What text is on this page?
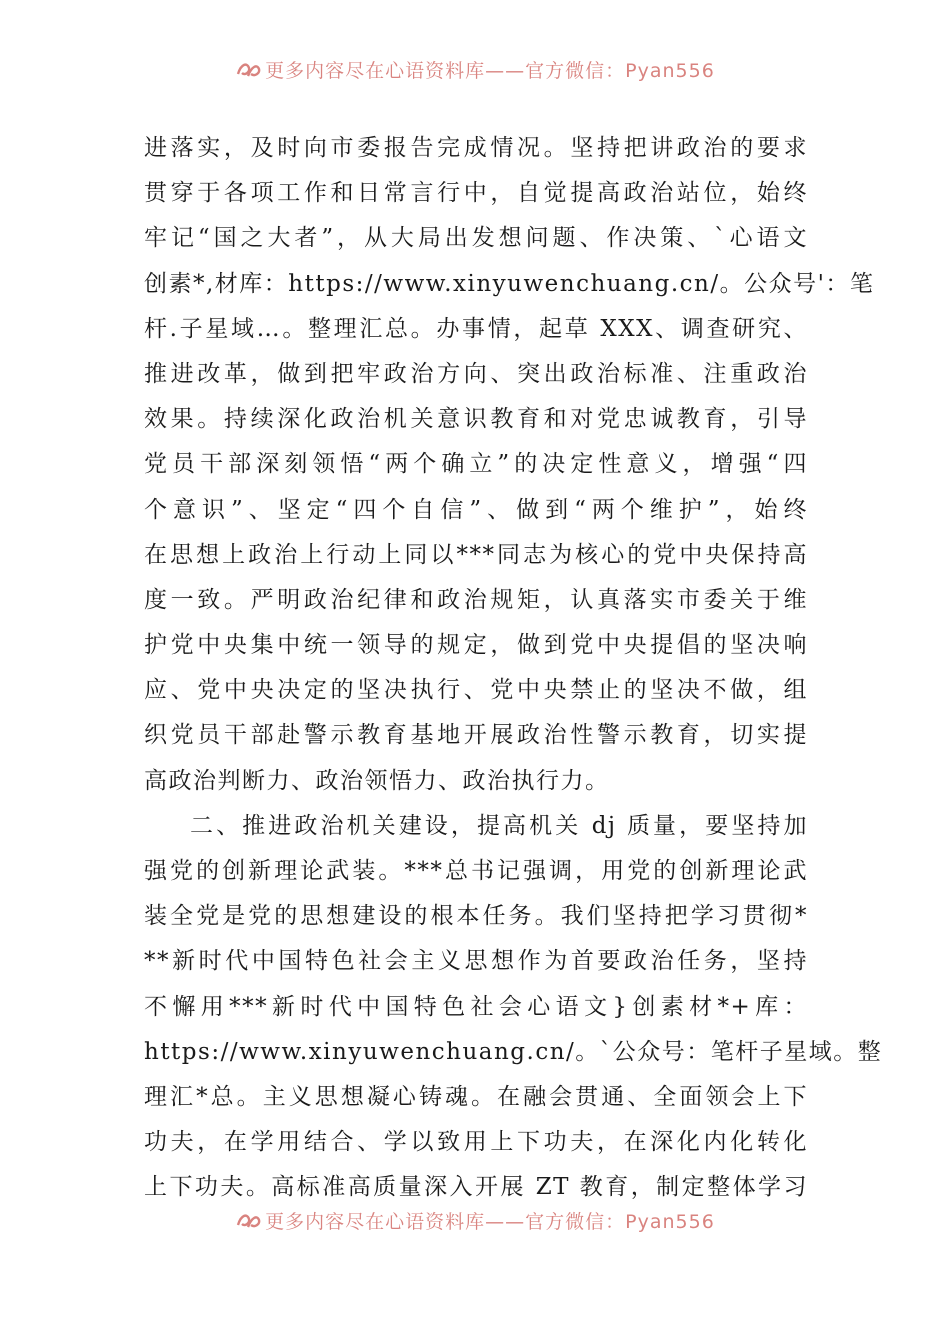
更多内容尽在心语资料库——官方微信：Pyan556
进落实，及时向市委报告完成情况。坚持把讲政治的要求
贯穿于各项工作和日常言行中，自觉提高政治站位，始终
牢记“国之大者”，从大局出发想问题、作决策、`心语文
创素*,材库：https://www.xinyuwenchuang.cn/。公众号'：笔
杆.子星域…。整理汇总。办事情，起草 XXX、调查研究、
推进改革，做到把牢政治方向、突出政治标准、注重政治
效果。持续深化政治机关意识教育和对党忠诚教育，引导
党员干部深刻领悟“两个确立”的决定性意义，增强“四
个意识”、坚定“四个自信”、做到“两个维护”，始终
在思想上政治上行动上同以***同志为核心的党中央保持高
度一致。严明政治纪律和政治规矩，认真落实市委关于维
护党中央集中统一领导的规定，做到党中央提倡的坚决响
应、党中央决定的坚决执行、党中央禁止的坚决不做，组
织党员干部赴警示教育基地开展政治性警示教育，切实提
高政治判断力、政治领悟力、政治执行力。
二、推进政治机关建设，提高机关 dj 质量，要坚持加
强党的创新理论武装。***总书记强调，用党的创新理论武
装全党是党的思想建设的根本任务。我们坚持把学习贯彻*
**新时代中国特色社会主义思想作为首要政治任务，坚持
不懈用***新时代中国特色社会心语文}创素材*+库：
https://www.xinyuwenchuang.cn/。`公众号：笔杆子星域。整
理汇*总。主义思想凝心铸魂。在融会贯通、全面领会上下
功夫，在学用结合、学以致用上下功夫，在深化内化转化
上下功夫。高标准高质量深入开展 ZT 教育，制定整体学习
更多内容尽在心语资料库——官方微信：Pyan556
